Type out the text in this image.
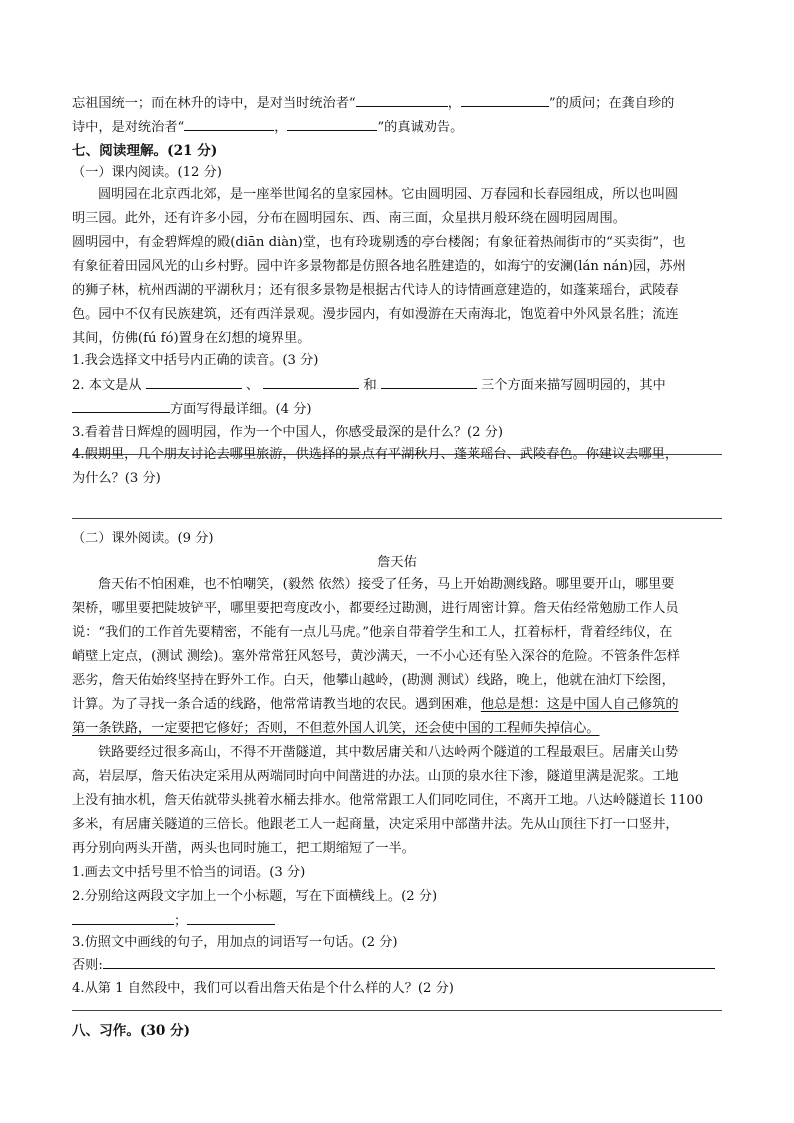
忘祖国统一；而在林升的诗中，是对当时统治者“	，	”的质问；在龚自珍的
诗中，是对统治者“	，	”的真诚劝告。
七、阅读理解。(21 分)
（一）课内阅读。(12 分)
圆明园在北京西北郊，是一座举世闻名的皇家园林。它由圆明园、万春园和长春园组成，所以也叫圆
明三园。此外，还有许多小园，分布在圆明园东、西、南三面，众星拱月般环绕在圆明园周围。
圆明园中，有金碧辉煌的殿(diān diàn)堂，也有玲珑剔透的亭台楼阁；有象征着热闹街市的“买卖街”，也
有象征着田园风光的山乡村野。园中许多景物都是仿照各地名胜建造的，如海宁的安澜(lán nán)园，苏州
的狮子林，杭州西湖的平湖秋月；还有很多景物是根据古代诗人的诗情画意建造的，如蓬莱瑶台，武陵春
色。园中不仅有民族建筑，还有西洋景观。漫步园内，有如漫游在天南海北，饱览着中外风景名胜；流连
其间，仿佛(fú fó)置身在幻想的境界里。
1.我会选择文中括号内正确的读音。(3 分)
2. 本文是从	、	和	三个方面来描写圆明园的，其中
方面写得最详细。(4 分)
3.看着昔日辉煌的圆明园，作为一个中国人，你感受最深的是什么？(2 分)
4.假期里，几个朋友讨论去哪里旅游，供选择的景点有平湖秋月、蓬莱瑶台、武陵春色。你建议去哪里，
为什么？(3 分)
（二）课外阅读。(9 分)
詹天佑
詹天佑不怕困难，也不怕嘲笑，(毅然 依然）接受了任务，马上开始勘测线路。哪里要开山，哪里要
架桥，哪里要把陡坡铲平，哪里要把弯度改小，都要经过勘测，进行周密计算。詹天佑经常勉励工作人员
说：“我们的工作首先要精密，不能有一点儿马虎。”他亲自带着学生和工人，扛着标杆，背着经纬仪，在
峭壁上定点，(测试 测绘)。塞外常常狂风怒号，黄沙满天，一不小心还有坠入深谷的危险。不管条件怎样
恶劣，詹天佑始终坚持在野外工作。白天，他攀山越岭，(勘测 测试）线路，晚上，他就在油灯下绘图，
计算。为了寻找一条合适的线路，他常常请教当地的农民。遇到困难，他总是想：这是中国人自己修筑的
第一条铁路，一定要把它修好；否则，不但惹外国人讥笑，还会使中国的工程师失掉信心。
铁路要经过很多高山，不得不开凿隧道，其中数居庸关和八达岭两个隧道的工程最艰巨。居庸关山势
高，岩层厚，詹天佑决定采用从两端同时向中间凿进的办法。山顶的泉水往下渗，隧道里满是泥浆。工地
上没有抽水机，詹天佑就带头挑着水桶去排水。他常常跟工人们同吃同住，不离开工地。八达岭隧道长 1100
多米，有居庸关隧道的三倍长。他跟老工人一起商量，决定采用中部凿井法。先从山顶往下打一口竖井，
再分别向两头开凿，两头也同时施工，把工期缩短了一半。
1.画去文中括号里不恰当的词语。(3 分)
2.分别给这两段文字加上一个小标题，写在下面横线上。(2 分)
；
3.仿照文中画线的句子，用加点的词语写一句话。(2 分)
否则:
4.从第 1 自然段中，我们可以看出詹天佑是个什么样的人？(2 分)
八、习作。(30 分)
